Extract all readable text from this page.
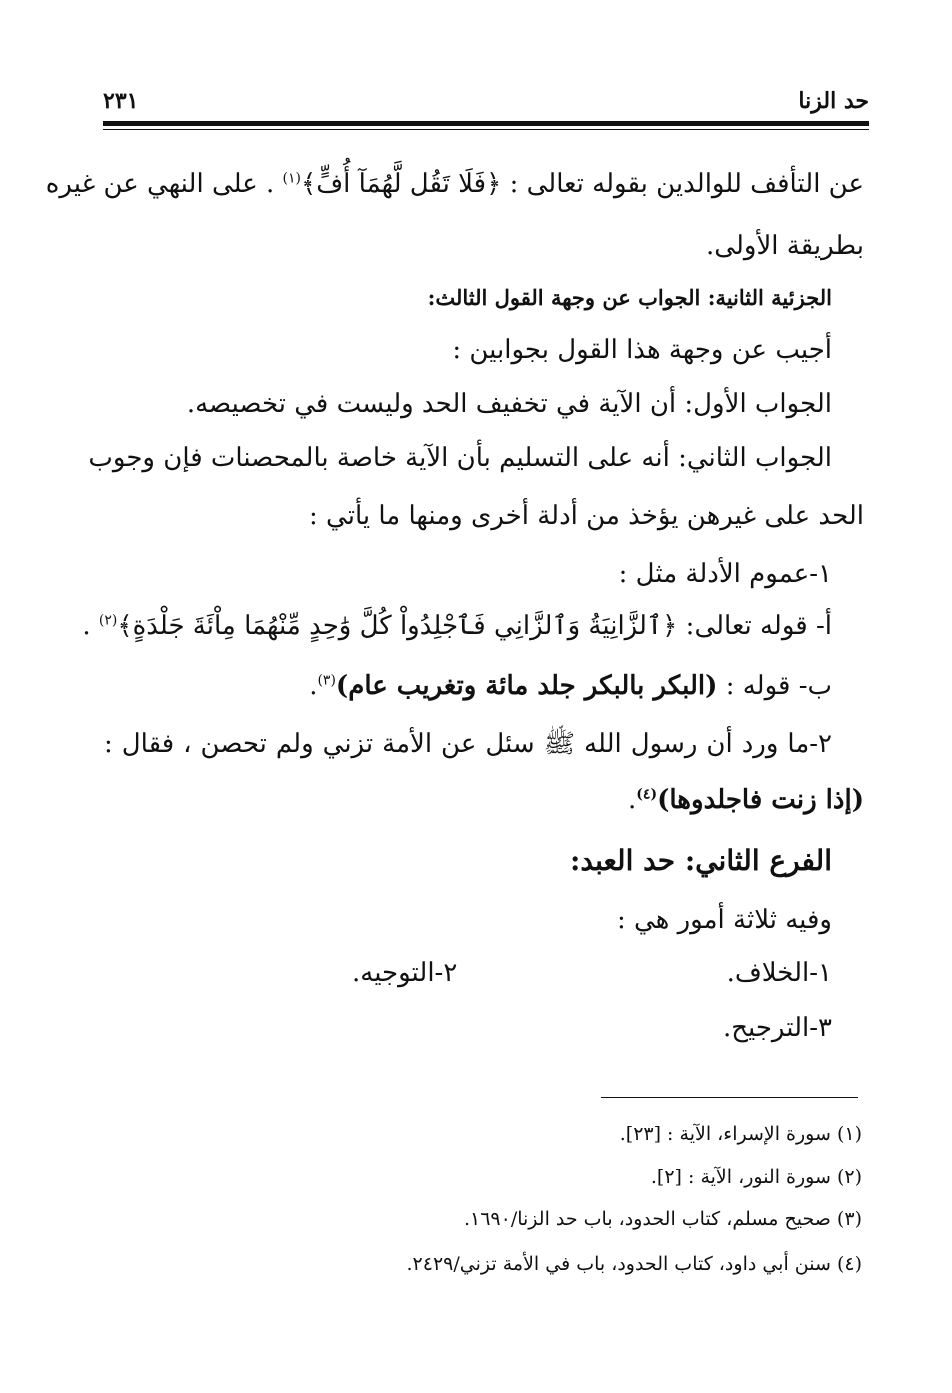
حد الزنا
٢٣١
عن التأفف للوالدين بقوله تعالى : ﴿فَلَا تَقُل لَّهُمَآ أُفٍّ﴾$^{(١)}$ . على النهي عن غيره
بطريقة الأولى.
الجزئية الثانية: الجواب عن وجهة القول الثالث:
أجيب عن وجهة هذا القول بجوابين :
الجواب الأول: أن الآية في تخفيف الحد وليست في تخصيصه.
الجواب الثاني: أنه على التسليم بأن الآية خاصة بالمحصنات فإن وجوب
الحد على غيرهن يؤخذ من أدلة أخرى ومنها ما يأتي :
١-عموم الأدلة مثل :
أ- قوله تعالى: ﴿ٱلزَّانِيَةُ وَٱلزَّانِي فَٱجْلِدُواْ كُلَّ وَٰحِدٍ مِّنْهُمَا مِاْئَةَ جَلْدَةٍ﴾$^{(٢)}$ .
ب- قوله : (البكر بالبكر جلد مائة وتغريب عام)$^{(٣)}$.
٢-ما ورد أن رسول الله ﷺ سئل عن الأمة تزني ولم تحصن ، فقال :
(إذا زنت فاجلدوها)$^{(٤)}$.
الفرع الثاني: حد العبد:
وفيه ثلاثة أمور هي :
١-الخلاف.
٢-التوجيه.
٣-الترجيح.
(١) سورة الإسراء، الآية : [٢٣].
(٢) سورة النور، الآية : [٢].
(٣) صحيح مسلم، كتاب الحدود، باب حد الزنا/١٦٩٠.
(٤) سنن أبي داود، كتاب الحدود، باب في الأمة تزني/٢٤٢٩.
